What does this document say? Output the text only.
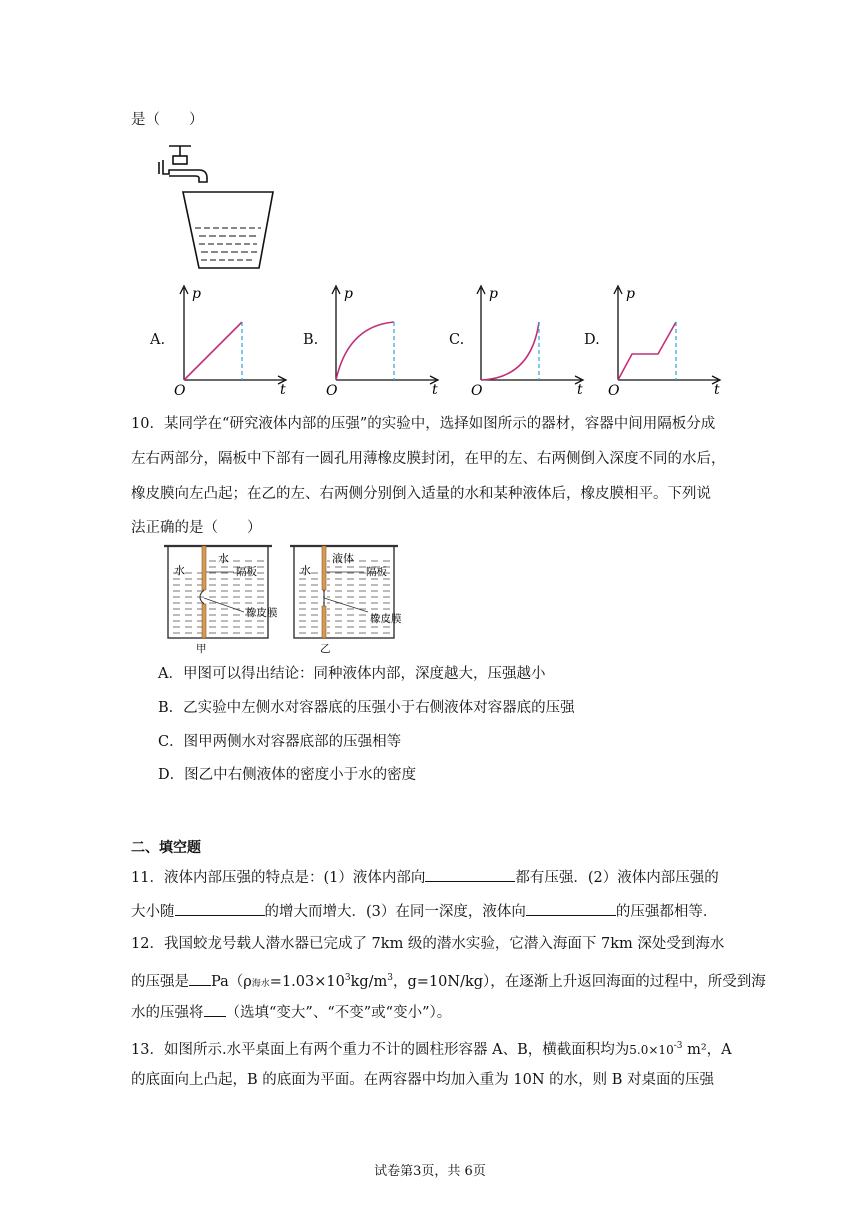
是（　　）
A.	B.	C.	D.
p
t
O
p
t
O
p
t
O
p
t
O
10．某同学在“研究液体内部的压强”的实验中，选择如图所示的器材，容器中间用隔板分成
左右两部分，隔板中下部有一圆孔用薄橡皮膜封闭，在甲的左、右两侧倒入深度不同的水后，
橡皮膜向左凸起；在乙的左、右两侧分别倒入适量的水和某种液体后，橡皮膜相平。下列说
法正确的是（　　）
水
水
隔板
橡皮膜
甲
水
液体
隔板
橡皮膜
乙
A．甲图可以得出结论：同种液体内部，深度越大，压强越小
B．乙实验中左侧水对容器底的压强小于右侧液体对容器底的压强
C．图甲两侧水对容器底部的压强相等
D．图乙中右侧液体的密度小于水的密度
二、填空题
11．液体内部压强的特点是：(1）液体内部向	都有压强．(2）液体内部压强的
大小随	的增大而增大．(3）在同一深度，液体向	的压强都相等．
12．我国蛟龙号载人潜水器已完成了 7km 级的潜水实验，它潜入海面下 7km 深处受到海水
的压强是 Pa（ρ海水$=1.03\times 10^3kg/m^3$，g=10N/kg），在逐渐上升返回海面的过程中，所受到海
水的压强将 （选填“变大”、“不变”或“变小”）。
13．如图所示.水平桌面上有两个重力不计的圆柱形容器 A、B，横截面积均为$5.0\times 10^{-3}$ m²，A
的底面向上凸起，B 的底面为平面。在两容器中均加入重为 10N 的水，则 B 对桌面的压强
试卷第3页，共 6页
